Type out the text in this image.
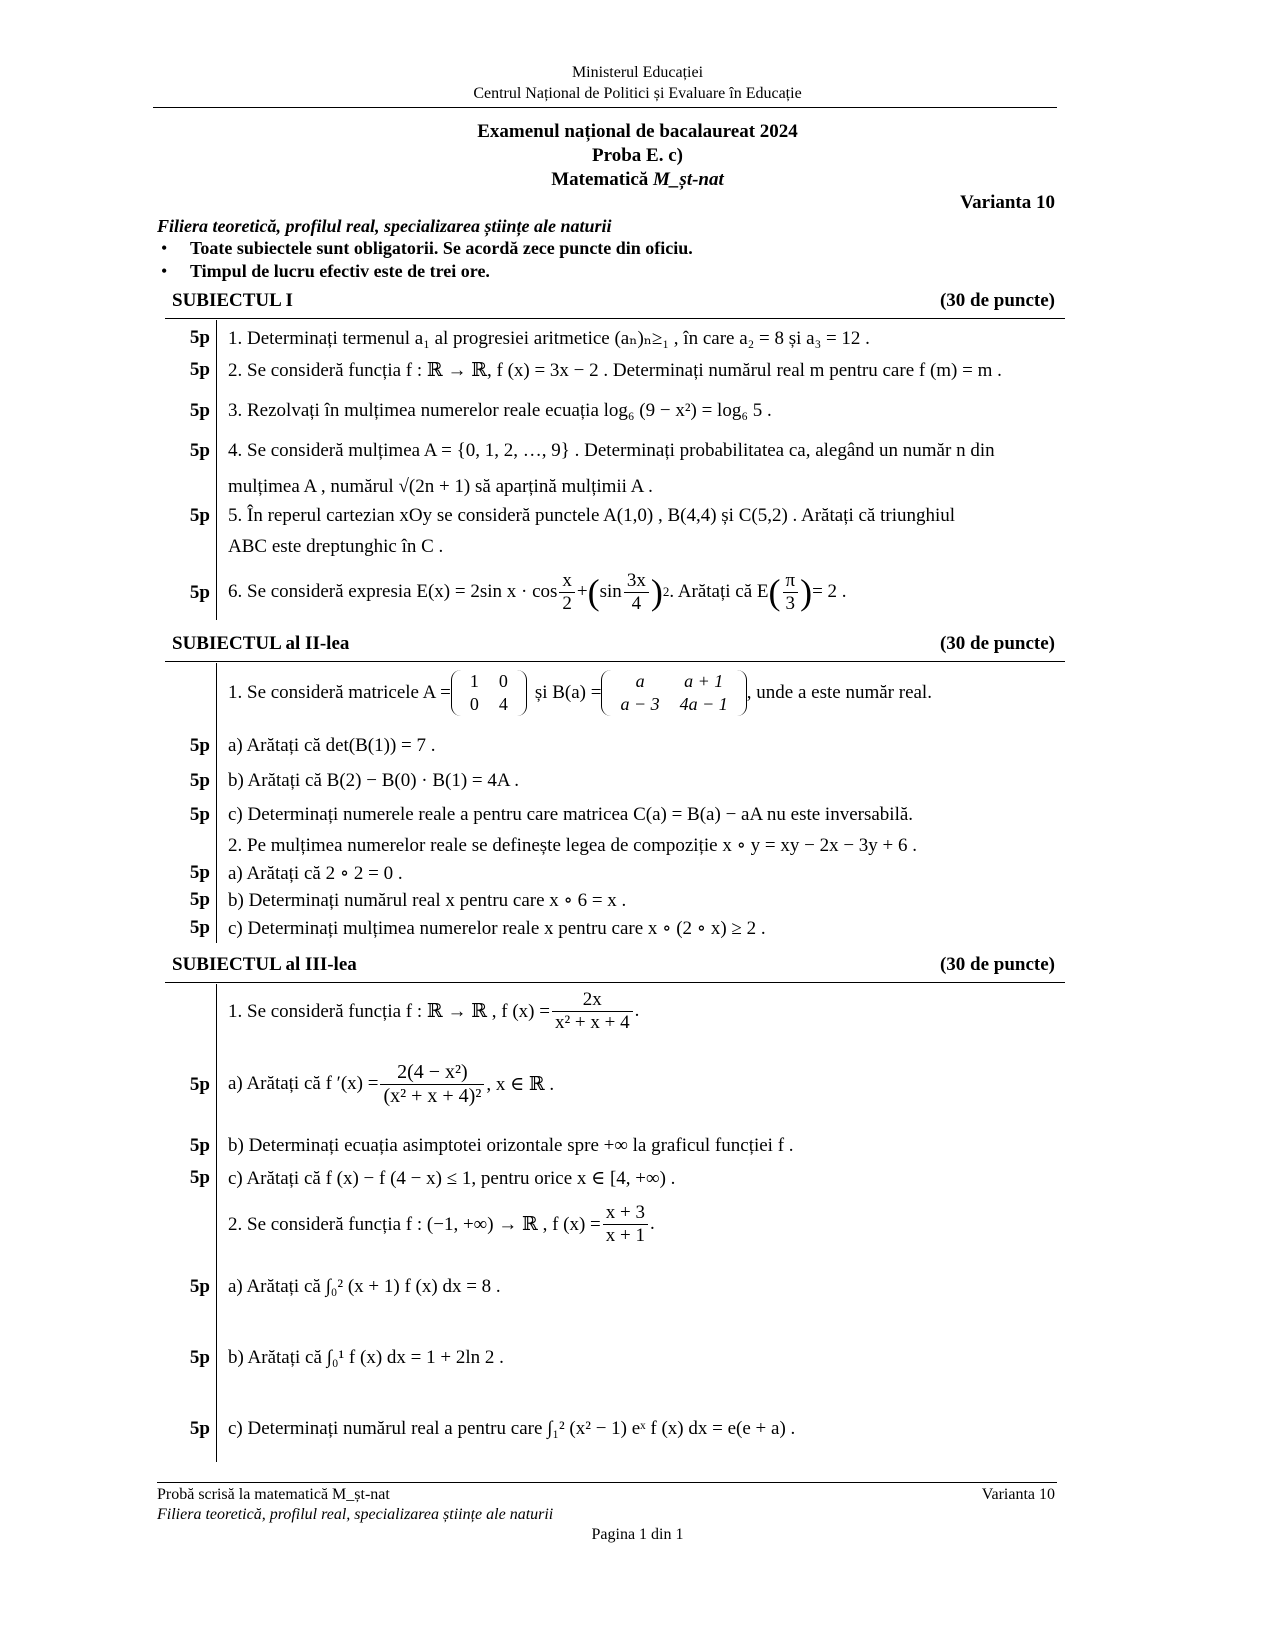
Ministerul Educației
Centrul Național de Politici și Evaluare în Educație
Examenul național de bacalaureat 2024
Proba E. c)
Matematică M_șt-nat
Varianta 10
Filiera teoretică, profilul real, specializarea științe ale naturii
• Toate subiectele sunt obligatorii. Se acordă zece puncte din oficiu.
• Timpul de lucru efectiv este de trei ore.
SUBIECTUL I	(30 de puncte)
5p 1. Determinați termenul a₁ al progresiei aritmetice (aₙ)ₙ≥₁ , în care a₂ = 8 și a₃ = 12 .
5p 2. Se consideră funcția f : ℝ → ℝ, f (x) = 3x − 2 . Determinați numărul real m pentru care f (m) = m .
5p 3. Rezolvați în mulțimea numerelor reale ecuația log₆ (9 − x²) = log₆ 5 .
5p 4. Se consideră mulțimea A = {0, 1, 2, …, 9} . Determinați probabilitatea ca, alegând un număr n din
mulțimea A , numărul √(2n + 1) să aparțină mulțimii A .
5p 5. În reperul cartezian xOy se consideră punctele A(1,0) , B(4,4) și C(5,2) . Arătați că triunghiul
ABC este dreptunghic în C .
5p 6. Se consideră expresia E(x) = 2sin $x \cdot \cos \frac{x}{2}$ + ( $\sin \frac{3x}{4}$ ) 2 . Arătați că E ( $\frac{\pi}{3}$ ) = 2 .
SUBIECTUL al II-lea	(30 de puncte)
1. Se consideră matricele A =
1	0
0	4
și B(a) =
a	a + 1
a − 3	4a − 1
, unde a este număr real.
5p a) Arătați că det(B(1)) = 7 .
5p b) Arătați că B(2) − B(0) · B(1) = 4A .
5p c) Determinați numerele reale a pentru care matricea C(a) = B(a) − aA nu este inversabilă.
2. Pe mulțimea numerelor reale se definește legea de compoziție x ∘ y = xy − 2x − 3y + 6 .
5p a) Arătați că 2 ∘ 2 = 0 .
5p b) Determinați numărul real x pentru care x ∘ 6 = x .
5p c) Determinați mulțimea numerelor reale x pentru care x ∘ (2 ∘ x) ≥ 2 .
SUBIECTUL al III-lea	(30 de puncte)
1. Se consideră funcția f : ℝ → ℝ , f $(x) = \frac{2x}{\text{x² + x + 4}}$ .
5p a) Arătați că f $'(x) = \frac{\text{2(4 − x²)}}{\text{(x² + x + 4)²}}$ , x ∈ ℝ .
5p b) Determinați ecuația asimptotei orizontale spre +∞ la graficul funcției f .
5p c) Arătați că f (x) − f (4 − x) ≤ 1, pentru orice x ∈ [4, +∞) .
2. Se consideră funcția f : (−1, +∞) → ℝ , f $(x) = \frac{x + 3}{x + 1}$ .
5p a) Arătați că ∫₀² (x + 1) f (x) dx = 8 .
5p b) Arătați că ∫₀¹ f (x) dx = 1 + 2ln 2 .
5p c) Determinați numărul real a pentru care ∫₁² (x² − 1) eˣ f (x) dx = e(e + a) .
Probă scrisă la matematică M_șt-nat
Filiera teoretică, profilul real, specializarea științe ale naturii
Varianta 10
Pagina 1 din 1
